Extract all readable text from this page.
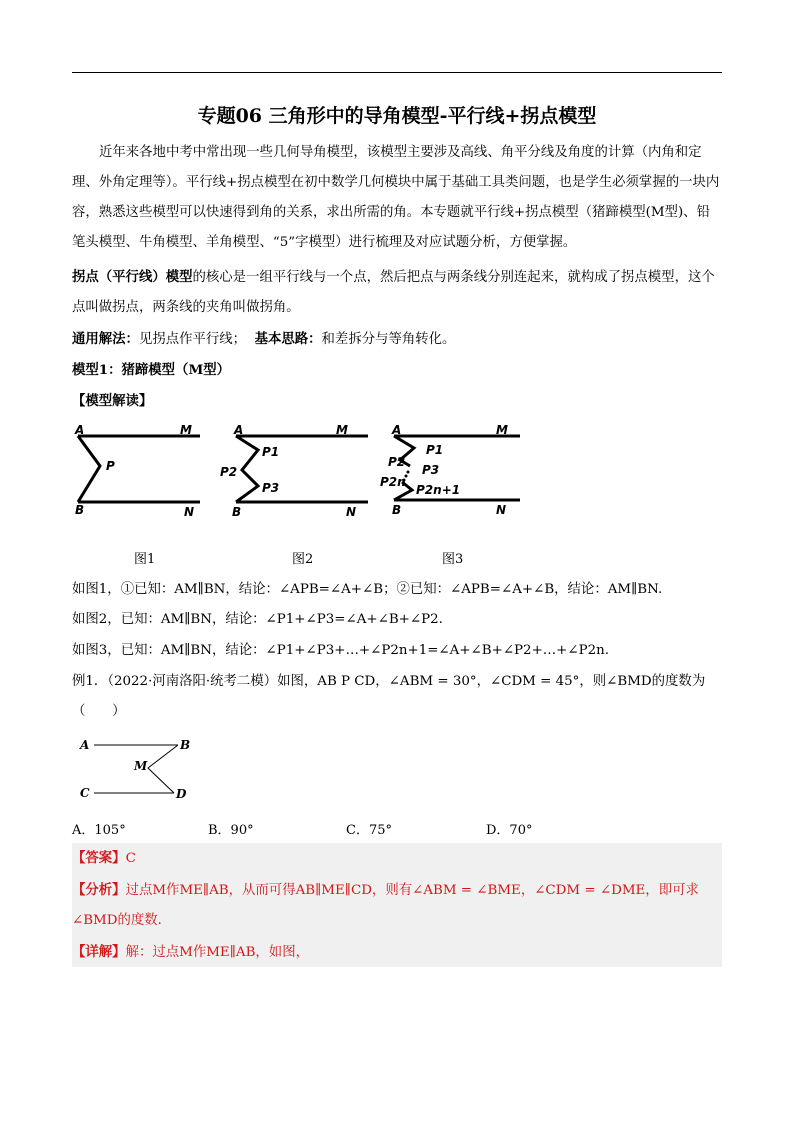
专题06 三角形中的导角模型-平行线+拐点模型
近年来各地中考中常出现一些几何导角模型，该模型主要涉及高线、角平分线及角度的计算（内角和定理、外角定理等）。平行线+拐点模型在初中数学几何模块中属于基础工具类问题，也是学生必须掌握的一块内容，熟悉这些模型可以快速得到角的关系，求出所需的角。本专题就平行线+拐点模型（猪蹄模型(M型)、铅笔头模型、牛角模型、羊角模型、“5”字模型）进行梳理及对应试题分析，方便掌握。
拐点（平行线）模型的核心是一组平行线与一个点，然后把点与两条线分别连起来，就构成了拐点模型，这个点叫做拐点，两条线的夹角叫做拐角。
通用解法：见拐点作平行线； 基本思路：和差拆分与等角转化。
模型1：猪蹄模型（M型）
【模型解读】
A	M
P
B	N
A	M
P1
P2
P3
B	N
A	M
P1
P2
P3
P2n
P2n+1
B	N
图1	图2	图3
如图1，①已知：AM∥BN，结论：∠APB=∠A+∠B；②已知：∠APB=∠A+∠B，结论：AM∥BN.
如图2，已知：AM∥BN，结论：∠P1+∠P3=∠A+∠B+∠P2.
如图3，已知：AM∥BN，结论：∠P1+∠P3+…+∠P2n+1=∠A+∠B+∠P2+…+∠P2n.
例1．（2022·河南洛阳·统考二模）如图，AB P CD，∠ABM = 30°，∠CDM = 45°，则∠BMD的度数为
（　　）
A	B
M
C	D
A．105°	B．90°	C．75°	D．70°
【答案】C
【分析】过点M作ME∥AB，从而可得AB∥ME∥CD，则有∠ABM = ∠BME，∠CDM = ∠DME，即可求∠BMD的度数．
【详解】解：过点M作ME∥AB，如图，
